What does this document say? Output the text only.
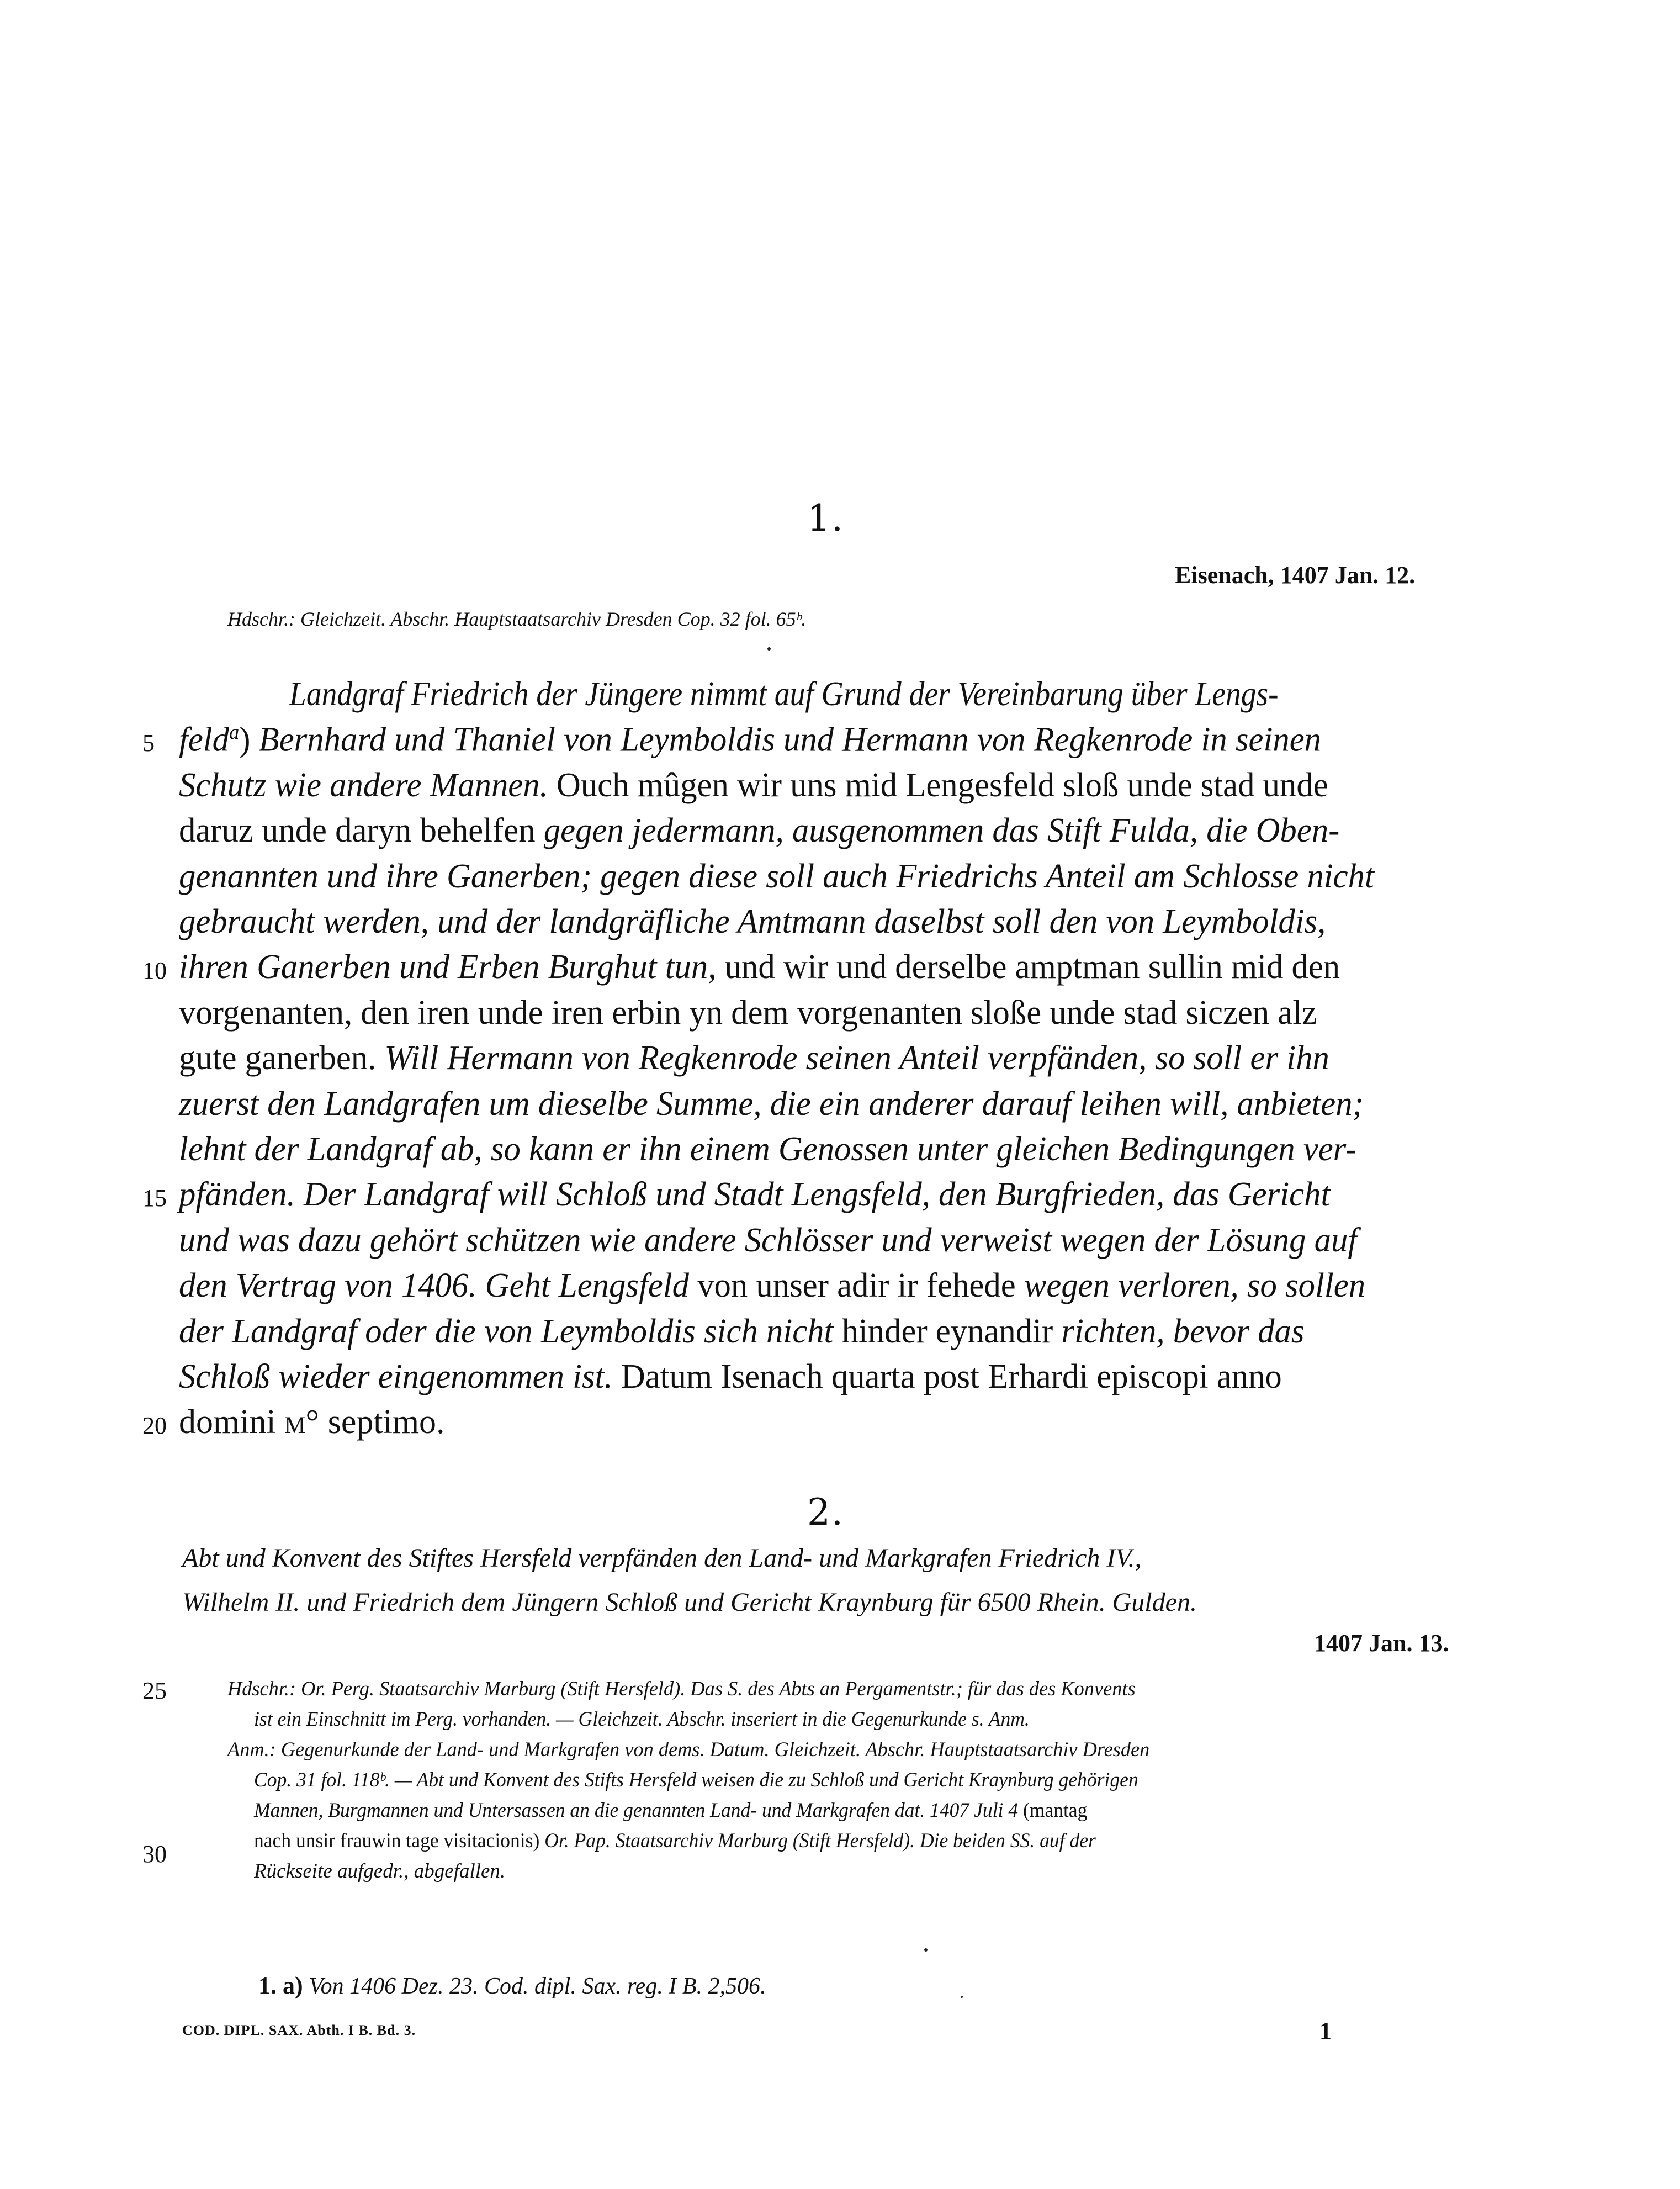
1.
Eisenach, 1407 Jan. 12.
Hdschr.: Gleichzeit. Abschr. Hauptstaatsarchiv Dresden Cop. 32 fol. 65ᵇ.
Landgraf Friedrich der Jüngere nimmt auf Grund der Vereinbarung über Lengs-
feld$^a$) Bernhard und Thaniel von Leymboldis und Hermann von Regkenrode in seinen
Schutz wie andere Mannen. Ouch mûgen wir uns mid Lengesfeld sloß unde stad unde
daruz unde daryn behelfen gegen jedermann, ausgenommen das Stift Fulda, die Oben-
genannten und ihre Ganerben; gegen diese soll auch Friedrichs Anteil am Schlosse nicht
gebraucht werden, und der landgräfliche Amtmann daselbst soll den von Leymboldis,
ihren Ganerben und Erben Burghut tun, und wir und derselbe amptman sullin mid den
vorgenanten, den iren unde iren erbin yn dem vorgenanten sloße unde stad siczen alz
gute ganerben. Will Hermann von Regkenrode seinen Anteil verpfänden, so soll er ihn
zuerst den Landgrafen um dieselbe Summe, die ein anderer darauf leihen will, anbieten;
lehnt der Landgraf ab, so kann er ihn einem Genossen unter gleichen Bedingungen ver-
pfänden. Der Landgraf will Schloß und Stadt Lengsfeld, den Burgfrieden, das Gericht
und was dazu gehört schützen wie andere Schlösser und verweist wegen der Lösung auf
den Vertrag von 1406. Geht Lengsfeld von unser adir ir fehede wegen verloren, so sollen
der Landgraf oder die von Leymboldis sich nicht hinder eynandir richten, bevor das
Schloß wieder eingenommen ist. Datum Isenach quarta post Erhardi episcopi anno
domini m° septimo.
5
10
15
20
2.
Abt und Konvent des Stiftes Hersfeld verpfänden den Land- und Markgrafen Friedrich IV.,
Wilhelm II. und Friedrich dem Jüngern Schloß und Gericht Kraynburg für 6500 Rhein. Gulden.
1407 Jan. 13.
Hdschr.: Or. Perg. Staatsarchiv Marburg (Stift Hersfeld). Das S. des Abts an Pergamentstr.; für das des Konvents
ist ein Einschnitt im Perg. vorhanden. — Gleichzeit. Abschr. inseriert in die Gegenurkunde s. Anm.
Anm.: Gegenurkunde der Land- und Markgrafen von dems. Datum. Gleichzeit. Abschr. Hauptstaatsarchiv Dresden
Cop. 31 fol. 118ᵇ. — Abt und Konvent des Stifts Hersfeld weisen die zu Schloß und Gericht Kraynburg gehörigen
Mannen, Burgmannen und Untersassen an die genannten Land- und Markgrafen dat. 1407 Juli 4 (mantag
nach unsir frauwin tage visitacionis) Or. Pap. Staatsarchiv Marburg (Stift Hersfeld). Die beiden SS. auf der
Rückseite aufgedr., abgefallen.
25
30
1. a) Von 1406 Dez. 23. Cod. dipl. Sax. reg. I B. 2,506.
COD. DIPL. SAX. Abth. I B. Bd. 3.	1
